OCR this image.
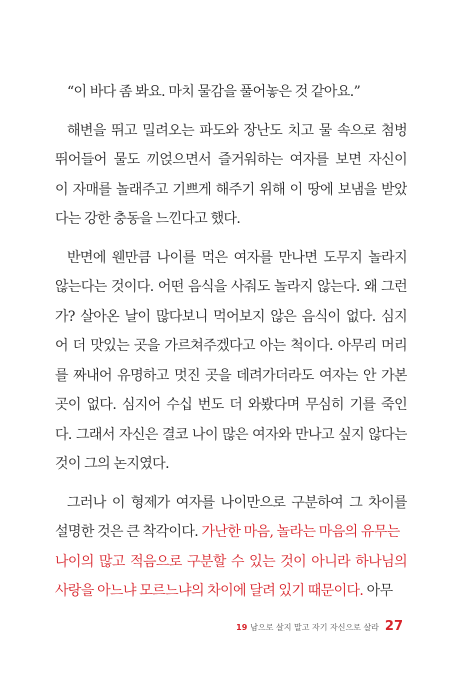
“이 바다 좀 봐요. 마치 물감을 풀어놓은 것 같아요.”
해변을 뛰고 밀려오는 파도와 장난도 치고 물 속으로 첨벙
뛰어들어 물도 끼얹으면서 즐거워하는 여자를 보면 자신이
이 자매를 놀래주고 기쁘게 해주기 위해 이 땅에 보냄을 받았
다는 강한 충동을 느낀다고 했다.
반면에 웬만큼 나이를 먹은 여자를 만나면 도무지 놀라지
않는다는 것이다. 어떤 음식을 사줘도 놀라지 않는다. 왜 그런
가? 살아온 날이 많다보니 먹어보지 않은 음식이 없다. 심지
어 더 맛있는 곳을 가르쳐주겠다고 아는 척이다. 아무리 머리
를 짜내어 유명하고 멋진 곳을 데려가더라도 여자는 안 가본
곳이 없다. 심지어 수십 번도 더 와봤다며 무심히 기를 죽인
다. 그래서 자신은 결코 나이 많은 여자와 만나고 싶지 않다는
것이 그의 논지였다.
그러나 이 형제가 여자를 나이만으로 구분하여 그 차이를
설명한 것은 큰 착각이다. 가난한 마음, 놀라는 마음의 유무는
나이의 많고 적음으로 구분할 수 있는 것이 아니라 하나님의
사랑을 아느냐 모르느냐의 차이에 달려 있기 때문이다. 아무
19 남으로 살지 말고 자기 자신으로 살라 27
